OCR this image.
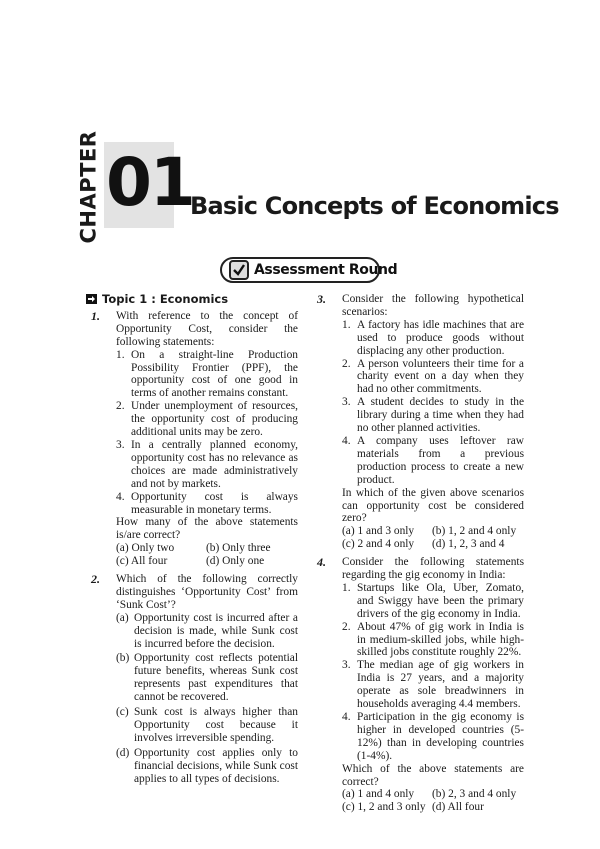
CHAPTER 01
Basic Concepts of Economics
Assessment Round
Topic 1 : Economics
1. With reference to the concept of Opportunity Cost, consider the following statements:
1. On a straight-line Production Possibility Frontier (PPF), the opportunity cost of one good in terms of another remains constant.
2. Under unemployment of resources, the opportunity cost of producing additional units may be zero.
3. In a centrally planned economy, opportunity cost has no relevance as choices are made administratively and not by markets.
4. Opportunity cost is always measurable in monetary terms.
How many of the above statements is/are correct?
(a) Only two	(b) Only three
(c) All four	(d) Only one
2. Which of the following correctly distinguishes ‘Opportunity Cost’ from ‘Sunk Cost’?
(a) Opportunity cost is incurred after a decision is made, while Sunk cost is incurred before the decision.
(b) Opportunity cost reflects potential future benefits, whereas Sunk cost represents past expenditures that cannot be recovered.
(c) Sunk cost is always higher than Opportunity cost because it involves irreversible spending.
(d) Opportunity cost applies only to financial decisions, while Sunk cost applies to all types of decisions.
3. Consider the following hypothetical scenarios:
1. A factory has idle machines that are used to produce goods without displacing any other production.
2. A person volunteers their time for a charity event on a day when they had no other commitments.
3. A student decides to study in the library during a time when they had no other planned activities.
4. A company uses leftover raw materials from a previous production process to create a new product.
In which of the given above scenarios can opportunity cost be considered zero?
(a) 1 and 3 only	(b) 1, 2 and 4 only
(c) 2 and 4 only	(d) 1, 2, 3 and 4
4. Consider the following statements regarding the gig economy in India:
1. Startups like Ola, Uber, Zomato, and Swiggy have been the primary drivers of the gig economy in India.
2. About 47% of gig work in India is in medium-skilled jobs, while high-skilled jobs constitute roughly 22%.
3. The median age of gig workers in India is 27 years, and a majority operate as sole breadwinners in households averaging 4.4 members.
4. Participation in the gig economy is higher in developed countries (5-12%) than in developing countries (1-4%).
Which of the above statements are correct?
(a) 1 and 4 only	(b) 2, 3 and 4 only
(c) 1, 2 and 3 only (d) All four
